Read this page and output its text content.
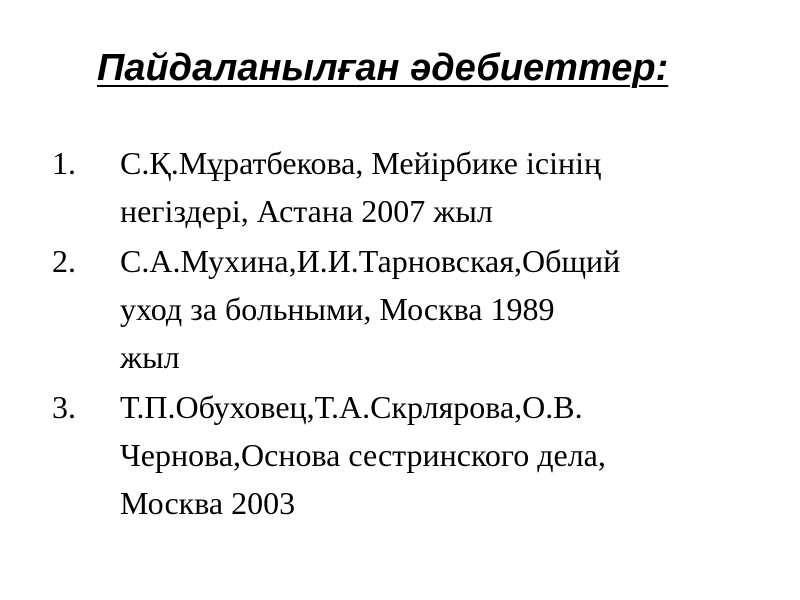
Пайдаланылған әдебиеттер:
1. С.Қ.Мұратбекова, Мейірбике ісінің
негіздері, Астана 2007 жыл
2. С.А.Мухина,И.И.Тарновская,Общий
уход за больными, Москва 1989
жыл
3. Т.П.Обуховец,Т.А.Скрлярова,О.В.
Чернова,Основа сестринского дела,
Москва 2003
